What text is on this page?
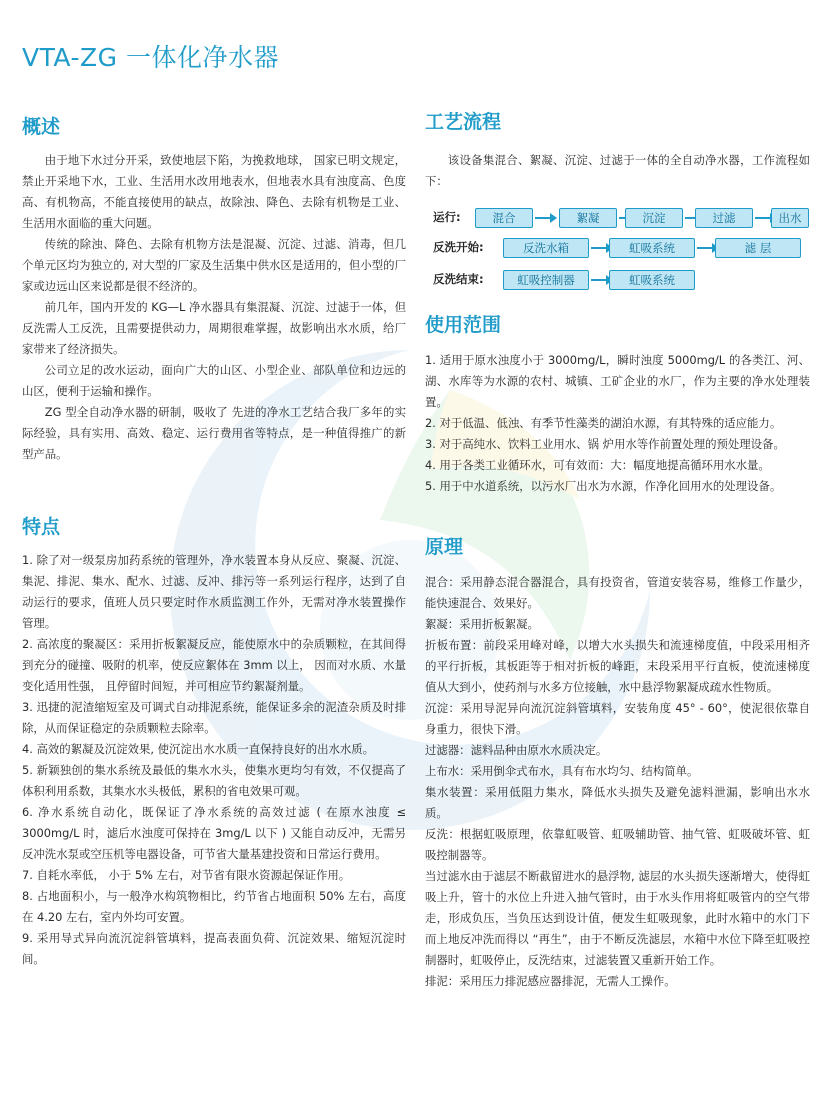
VTA-ZG 一体化净水器
概述

由于地下水过分开采，致使地层下陷，为挽救地球， 国家已明文规定，禁止开采地下水，工业、生活用水改用地表水，但地表水具有浊度高、色度高、有机物高，不能直接使用的缺点，故除浊、降色、去除有机物是工业、生活用水面临的重大问题。

传统的除浊、降色、去除有机物方法是混凝、沉淀、过滤、消毒，但几个单元区均为独立的, 对大型的厂家及生活集中供水区是适用的，但小型的厂家或边远山区来说都是很不经济的。

前几年，国内开发的 KG—L 净水器具有集混凝、沉淀、过滤于一体，但反洗需人工反洗，且需要提供动力，周期很难掌握，故影响出水水质，给厂家带来了经济损失。

公司立足的改水运动，面向广大的山区、小型企业、部队单位和边远的山区，便利于运输和操作。

ZG 型全自动净水器的研制，吸收了 先进的净水工艺结合我厂多年的实际经验，具有实用、高效、稳定、运行费用省等特点，是一种值得推广的新型产品。

特点

1. 除了对一级泵房加药系统的管理外，净水装置本身从反应、聚凝、沉淀、集泥、排泥、集水、配水、过滤、反冲、排污等一系列运行程序，达到了自动运行的要求，值班人员只要定时作水质监测工作外，无需对净水装置操作管理。

2. 高浓度的聚凝区：采用折板絮凝反应，能使原水中的杂质颗粒，在其间得到充分的碰撞、吸附的机率，使反应絮体在 3mm 以上， 因而对水质、水量变化适用性强， 且停留时间短，并可相应节约絮凝剂量。

3. 迅捷的泥渣缩短室及可调式自动排泥系统，能保证多余的泥渣杂质及时排除，从而保证稳定的杂质颗粒去除率。

4. 高效的絮凝及沉淀效果, 使沉淀出水水质一直保持良好的出水水质。

5. 新颖独创的集水系统及最低的集水水头，使集水更均匀有效，不仅提高了体积利用系数，其集水水头极低，累积的省电效果可观。

6. 净水系统自动化，既保证了净水系统的高效过滤 ( 在原水浊度 ≤ 3000mg/L 时，滤后水浊度可保持在 3mg/L 以下 ) 又能自动反冲，无需另反冲洗水泵或空压机等电器设备，可节省大量基建投资和日常运行费用。

7. 自耗水率低， 小于 5% 左右，对节省有限水资源起保证作用。

8. 占地面积小，与一般净水构筑物相比，约节省占地面积 50% 左右，高度在 4.20 左右，室内外均可安置。

9. 采用导式异向流沉淀斜管填料，提高表面负荷、沉淀效果、缩短沉淀时间。

工艺流程

该设备集混合、絮凝、沉淀、过滤于一体的全自动净水器，工作流程如下：

运行:	混合	絮凝	沉淀	过滤	出水
反洗开始:	反洗水箱	虹吸系统	滤 层
反洗结束:	虹吸控制器	虹吸系统
使用范围

1. 适用于原水浊度小于 3000mg/L，瞬时浊度 5000mg/L 的各类江、河、湖、水库等为水源的农村、城镇、工矿企业的水厂，作为主要的净水处理装置。

2. 对于低温、低浊、有季节性藻类的湖泊水源，有其特殊的适应能力。

3. 对于高纯水、饮料工业用水、锅 炉用水等作前置处理的预处理设备。

4. 用于各类工业循环水，可有效而：大：幅度地提高循环用水水量。

5. 用于中水道系统，以污水厂出水为水源，作净化回用水的处理设备。

原理

混合：采用静态混合器混合，具有投资省，管道安装容易，维修工作量少，能快速混合、效果好。

絮凝：采用折板絮凝。

折板布置：前段采用峰对峰，以增大水头损失和流速梯度值，中段采用相齐的平行折板，其板距等于相对折板的峰距，末段采用平行直板，使流速梯度值从大到小，使药剂与水多方位接触，水中悬浮物絮凝成疏水性物质。

沉淀：采用导泥异向流沉淀斜管填料，安装角度 45° - 60°，使泥很依靠自身重力，很快下滑。

过滤器：滤料品种由原水水质决定。

上布水：采用倒伞式布水，具有布水均匀、结构简单。

集水装置：采用低阻力集水，降低水头损失及避免滤料泄漏，影响出水水质。

反洗：根据虹吸原理，依靠虹吸管、虹吸辅助管、抽气管、虹吸破坏管、虹吸控制器等。

当过滤水由于滤层不断截留进水的悬浮物, 滤层的水头损失逐渐增大，使得虹吸上升，管十的水位上升进入抽气管时，由于水头作用将虹吸管内的空气带走，形成负压，当负压达到设计值，便发生虹吸现象，此时水箱中的水门下而上地反冲洗而得以 “再生”，由于不断反洗滤层，水箱中水位下降至虹吸控制器时，虹吸停止，反洗结束，过滤装置又重新开始工作。

排泥：采用压力排泥感应器排泥，无需人工操作。
